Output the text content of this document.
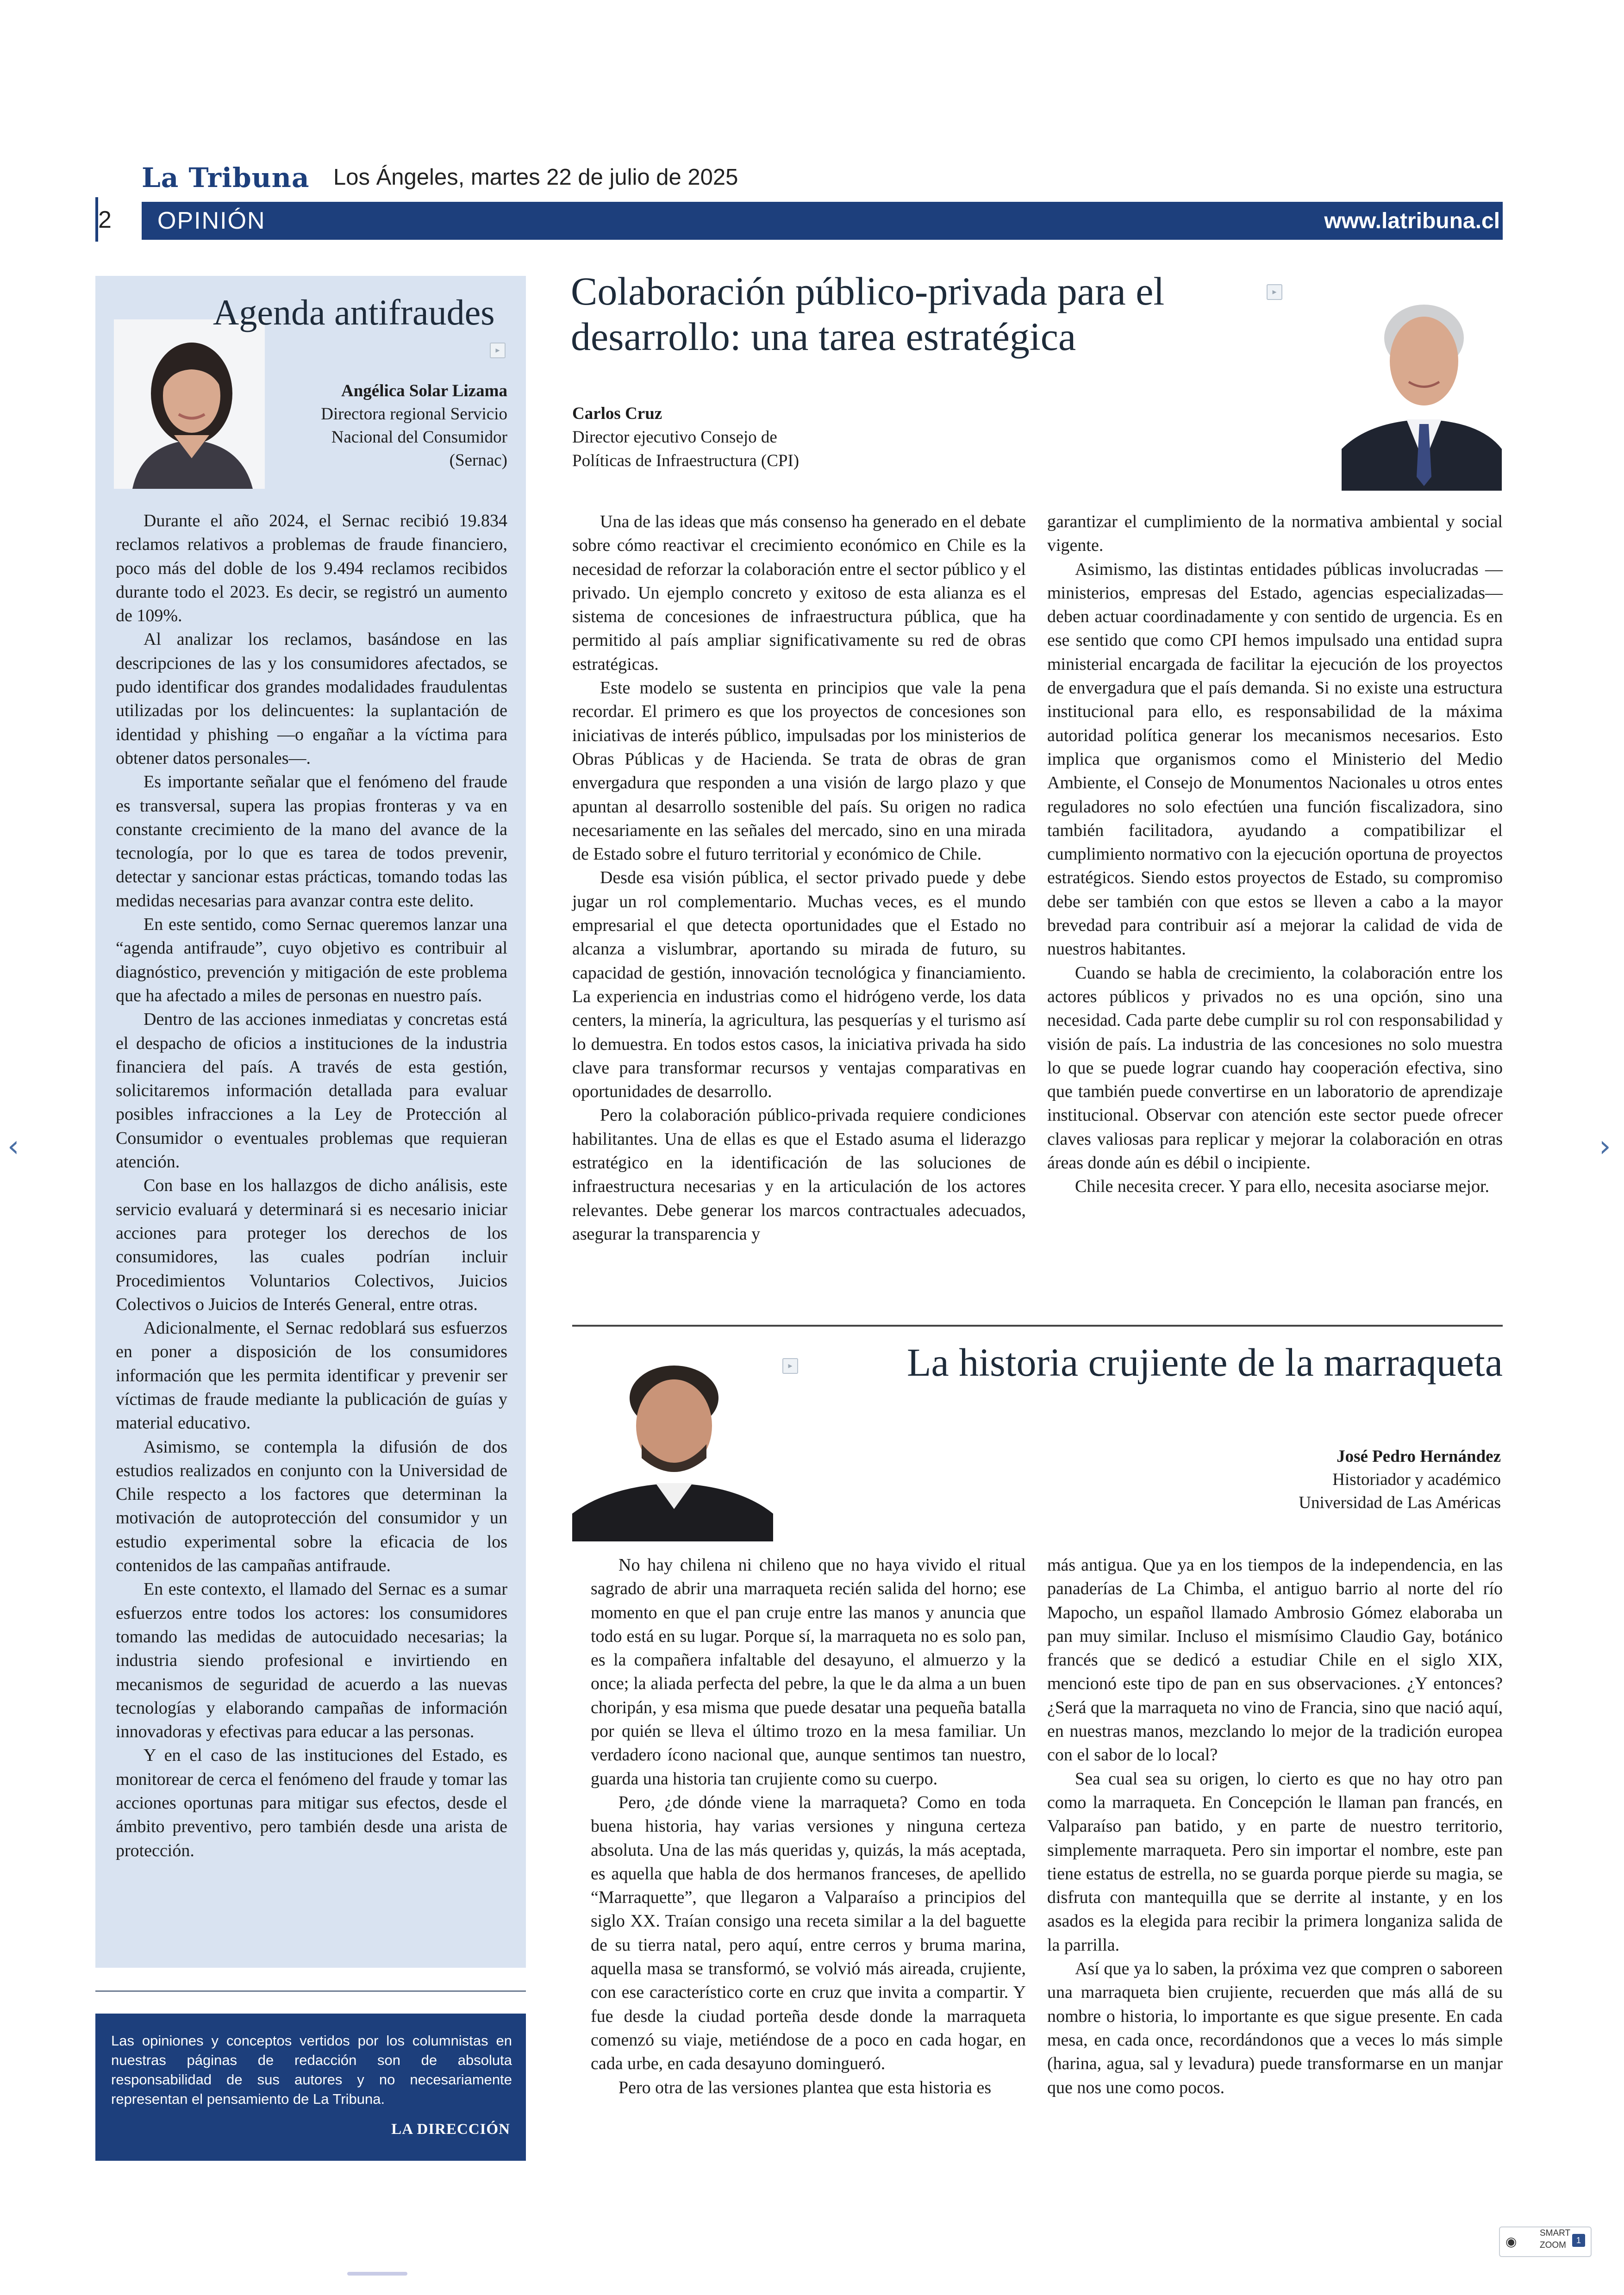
La Tribuna Los Ángeles, martes 22 de julio de 2025
2	OPINIÓN	www.latribuna.cl
Agenda antifraudes
▸
Angélica Solar Lizama
Directora regional Servicio
Nacional del Consumidor
(Sernac)

Durante el año 2024, el Sernac recibió 19.834 reclamos relativos a problemas de fraude financiero, poco más del doble de los 9.494 reclamos recibidos durante todo el 2023. Es decir, se registró un aumento de 109%.

Al analizar los reclamos, basándose en las descripciones de las y los consumidores afectados, se pudo identificar dos grandes modalidades fraudulentas utilizadas por los delincuentes: la suplantación de identidad y phishing —o engañar a la víctima para obtener datos personales—.

Es importante señalar que el fenómeno del fraude es transversal, supera las propias fronteras y va en constante crecimiento de la mano del avance de la tecnología, por lo que es tarea de todos prevenir, detectar y sancionar estas prácticas, tomando todas las medidas necesarias para avanzar contra este delito.

En este sentido, como Sernac queremos lanzar una “agenda antifraude”, cuyo objetivo es contribuir al diagnóstico, prevención y mitigación de este problema que ha afectado a miles de personas en nuestro país.

Dentro de las acciones inmediatas y concretas está el despacho de oficios a instituciones de la industria financiera del país. A través de esta gestión, solicitaremos información detallada para evaluar posibles infracciones a la Ley de Protección al Consumidor o eventuales problemas que requieran atención.

Con base en los hallazgos de dicho análisis, este servicio evaluará y determinará si es necesario iniciar acciones para proteger los derechos de los consumidores, las cuales podrían incluir Procedimientos Voluntarios Colectivos, Juicios Colectivos o Juicios de Interés General, entre otras.

Adicionalmente, el Sernac redoblará sus esfuerzos en poner a disposición de los consumidores información que les permita identificar y prevenir ser víctimas de fraude mediante la publicación de guías y material educativo.

Asimismo, se contempla la difusión de dos estudios realizados en conjunto con la Universidad de Chile respecto a los factores que determinan la motivación de autoprotección del consumidor y un estudio experimental sobre la eficacia de los contenidos de las campañas antifraude.

En este contexto, el llamado del Sernac es a sumar esfuerzos entre todos los actores: los consumidores tomando las medidas de autocuidado necesarias; la industria siendo profesional e invirtiendo en mecanismos de seguridad de acuerdo a las nuevas tecnologías y elaborando campañas de información innovadoras y efectivas para educar a las personas.

Y en el caso de las instituciones del Estado, es monitorear de cerca el fenómeno del fraude y tomar las acciones oportunas para mitigar sus efectos, desde el ámbito preventivo, pero también desde una arista de protección.

Las opiniones y conceptos vertidos por los columnistas en nuestras páginas de redacción son de absoluta responsabilidad de sus autores y no necesariamente representan el pensamiento de La Tribuna.
LA DIRECCIÓN
Colaboración público-privada para el desarrollo: una tarea estratégica
▸
Carlos Cruz
Director ejecutivo Consejo de
Políticas de Infraestructura (CPI)

Una de las ideas que más consenso ha generado en el debate sobre cómo reactivar el crecimiento económico en Chile es la necesidad de reforzar la colaboración entre el sector público y el privado. Un ejemplo concreto y exitoso de esta alianza es el sistema de concesiones de infraestructura pública, que ha permitido al país ampliar significativamente su red de obras estratégicas.

Este modelo se sustenta en principios que vale la pena recordar. El primero es que los proyectos de concesiones son iniciativas de interés público, impulsadas por los ministerios de Obras Públicas y de Hacienda. Se trata de obras de gran envergadura que responden a una visión de largo plazo y que apuntan al desarrollo sostenible del país. Su origen no radica necesariamente en las señales del mercado, sino en una mirada de Estado sobre el futuro territorial y económico de Chile.

Desde esa visión pública, el sector privado puede y debe jugar un rol complementario. Muchas veces, es el mundo empresarial el que detecta oportunidades que el Estado no alcanza a vislumbrar, aportando su mirada de futuro, su capacidad de gestión, innovación tecnológica y financiamiento. La experiencia en industrias como el hidrógeno verde, los data centers, la minería, la agricultura, las pesquerías y el turismo así lo demuestra. En todos estos casos, la iniciativa privada ha sido clave para transformar recursos y ventajas comparativas en oportunidades de desarrollo.

Pero la colaboración público-privada requiere condiciones habilitantes. Una de ellas es que el Estado asuma el liderazgo estratégico en la identificación de las soluciones de infraestructura necesarias y en la articulación de los actores relevantes. Debe generar los marcos contractuales adecuados, asegurar la transparencia y

garantizar el cumplimiento de la normativa ambiental y social vigente.

Asimismo, las distintas entidades públicas involucradas —ministerios, empresas del Estado, agencias especializadas— deben actuar coordinadamente y con sentido de urgencia. Es en ese sentido que como CPI hemos impulsado una entidad supra ministerial encargada de facilitar la ejecución de los proyectos de envergadura que el país demanda. Si no existe una estructura institucional para ello, es responsabilidad de la máxima autoridad política generar los mecanismos necesarios. Esto implica que organismos como el Ministerio del Medio Ambiente, el Consejo de Monumentos Nacionales u otros entes reguladores no solo efectúen una función fiscalizadora, sino también facilitadora, ayudando a compatibilizar el cumplimiento normativo con la ejecución oportuna de proyectos estratégicos. Siendo estos proyectos de Estado, su compromiso debe ser también con que estos se lleven a cabo a la mayor brevedad para contribuir así a mejorar la calidad de vida de nuestros habitantes.

Cuando se habla de crecimiento, la colaboración entre los actores públicos y privados no es una opción, sino una necesidad. Cada parte debe cumplir su rol con responsabilidad y visión de país. La industria de las concesiones no solo muestra lo que se puede lograr cuando hay cooperación efectiva, sino que también puede convertirse en un laboratorio de aprendizaje institucional. Observar con atención este sector puede ofrecer claves valiosas para replicar y mejorar la colaboración en otras áreas donde aún es débil o incipiente.

Chile necesita crecer. Y para ello, necesita asociarse mejor.

▸	La historia crujiente de la marraqueta
José Pedro Hernández
Historiador y académico
Universidad de Las Américas

No hay chilena ni chileno que no haya vivido el ritual sagrado de abrir una marraqueta recién salida del horno; ese momento en que el pan cruje entre las manos y anuncia que todo está en su lugar. Porque sí, la marraqueta no es solo pan, es la compañera infaltable del desayuno, el almuerzo y la once; la aliada perfecta del pebre, la que le da alma a un buen choripán, y esa misma que puede desatar una pequeña batalla por quién se lleva el último trozo en la mesa familiar. Un verdadero ícono nacional que, aunque sentimos tan nuestro, guarda una historia tan crujiente como su cuerpo.

Pero, ¿de dónde viene la marraqueta? Como en toda buena historia, hay varias versiones y ninguna certeza absoluta. Una de las más queridas y, quizás, la más aceptada, es aquella que habla de dos hermanos franceses, de apellido “Marraquette”, que llegaron a Valparaíso a principios del siglo XX. Traían consigo una receta similar a la del baguette de su tierra natal, pero aquí, entre cerros y bruma marina, aquella masa se transformó, se volvió más aireada, crujiente, con ese característico corte en cruz que invita a compartir. Y fue desde la ciudad porteña desde donde la marraqueta comenzó su viaje, metiéndose de a poco en cada hogar, en cada urbe, en cada desayuno domingueró.

Pero otra de las versiones plantea que esta historia es

más antigua. Que ya en los tiempos de la independencia, en las panaderías de La Chimba, el antiguo barrio al norte del río Mapocho, un español llamado Ambrosio Gómez elaboraba un pan muy similar. Incluso el mismísimo Claudio Gay, botánico francés que se dedicó a estudiar Chile en el siglo XIX, mencionó este tipo de pan en sus observaciones. ¿Y entonces? ¿Será que la marraqueta no vino de Francia, sino que nació aquí, en nuestras manos, mezclando lo mejor de la tradición europea con el sabor de lo local?

Sea cual sea su origen, lo cierto es que no hay otro pan como la marraqueta. En Concepción le llaman pan francés, en Valparaíso pan batido, y en parte de nuestro territorio, simplemente marraqueta. Pero sin importar el nombre, este pan tiene estatus de estrella, no se guarda porque pierde su magia, se disfruta con mantequilla que se derrite al instante, y en los asados es la elegida para recibir la primera longaniza salida de la parrilla.

Así que ya lo saben, la próxima vez que compren o saboreen una marraqueta bien crujiente, recuerden que más allá de su nombre o historia, lo importante es que sigue presente. En cada mesa, en cada once, recordándonos que a veces lo más simple (harina, agua, sal y levadura) puede transformarse en un manjar que nos une como pocos.

‹	›
◉
SMART
ZOOM	1
